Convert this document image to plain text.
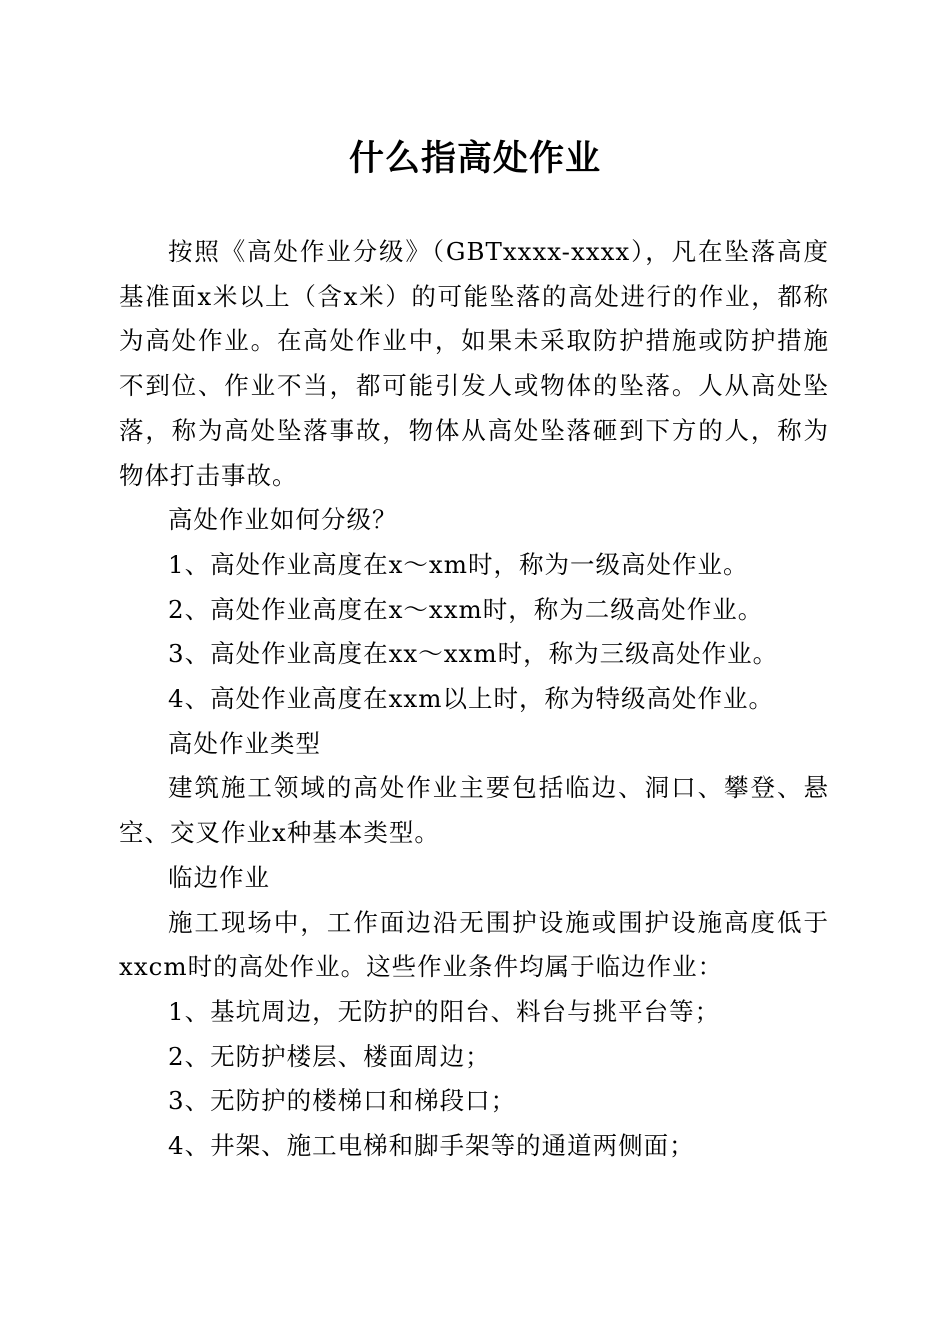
什么指高处作业

按照《高处作业分级》（GBTxxxx-xxxx），凡在坠落高度基准面x米以上（含x米）的可能坠落的高处进行的作业，都称为高处作业。在高处作业中，如果未采取防护措施或防护措施不到位、作业不当，都可能引发人或物体的坠落。人从高处坠落，称为高处坠落事故，物体从高处坠落砸到下方的人，称为物体打击事故。

高处作业如何分级？

1、高处作业高度在x～xm时，称为一级高处作业。

2、高处作业高度在x～xxm时，称为二级高处作业。

3、高处作业高度在xx～xxm时，称为三级高处作业。

4、高处作业高度在xxm以上时，称为特级高处作业。

高处作业类型

建筑施工领域的高处作业主要包括临边、洞口、攀登、悬空、交叉作业x种基本类型。

临边作业

施工现场中，工作面边沿无围护设施或围护设施高度低于xxcm时的高处作业。这些作业条件均属于临边作业：

1、基坑周边，无防护的阳台、料台与挑平台等；

2、无防护楼层、楼面周边；

3、无防护的楼梯口和梯段口；

4、井架、施工电梯和脚手架等的通道两侧面；
